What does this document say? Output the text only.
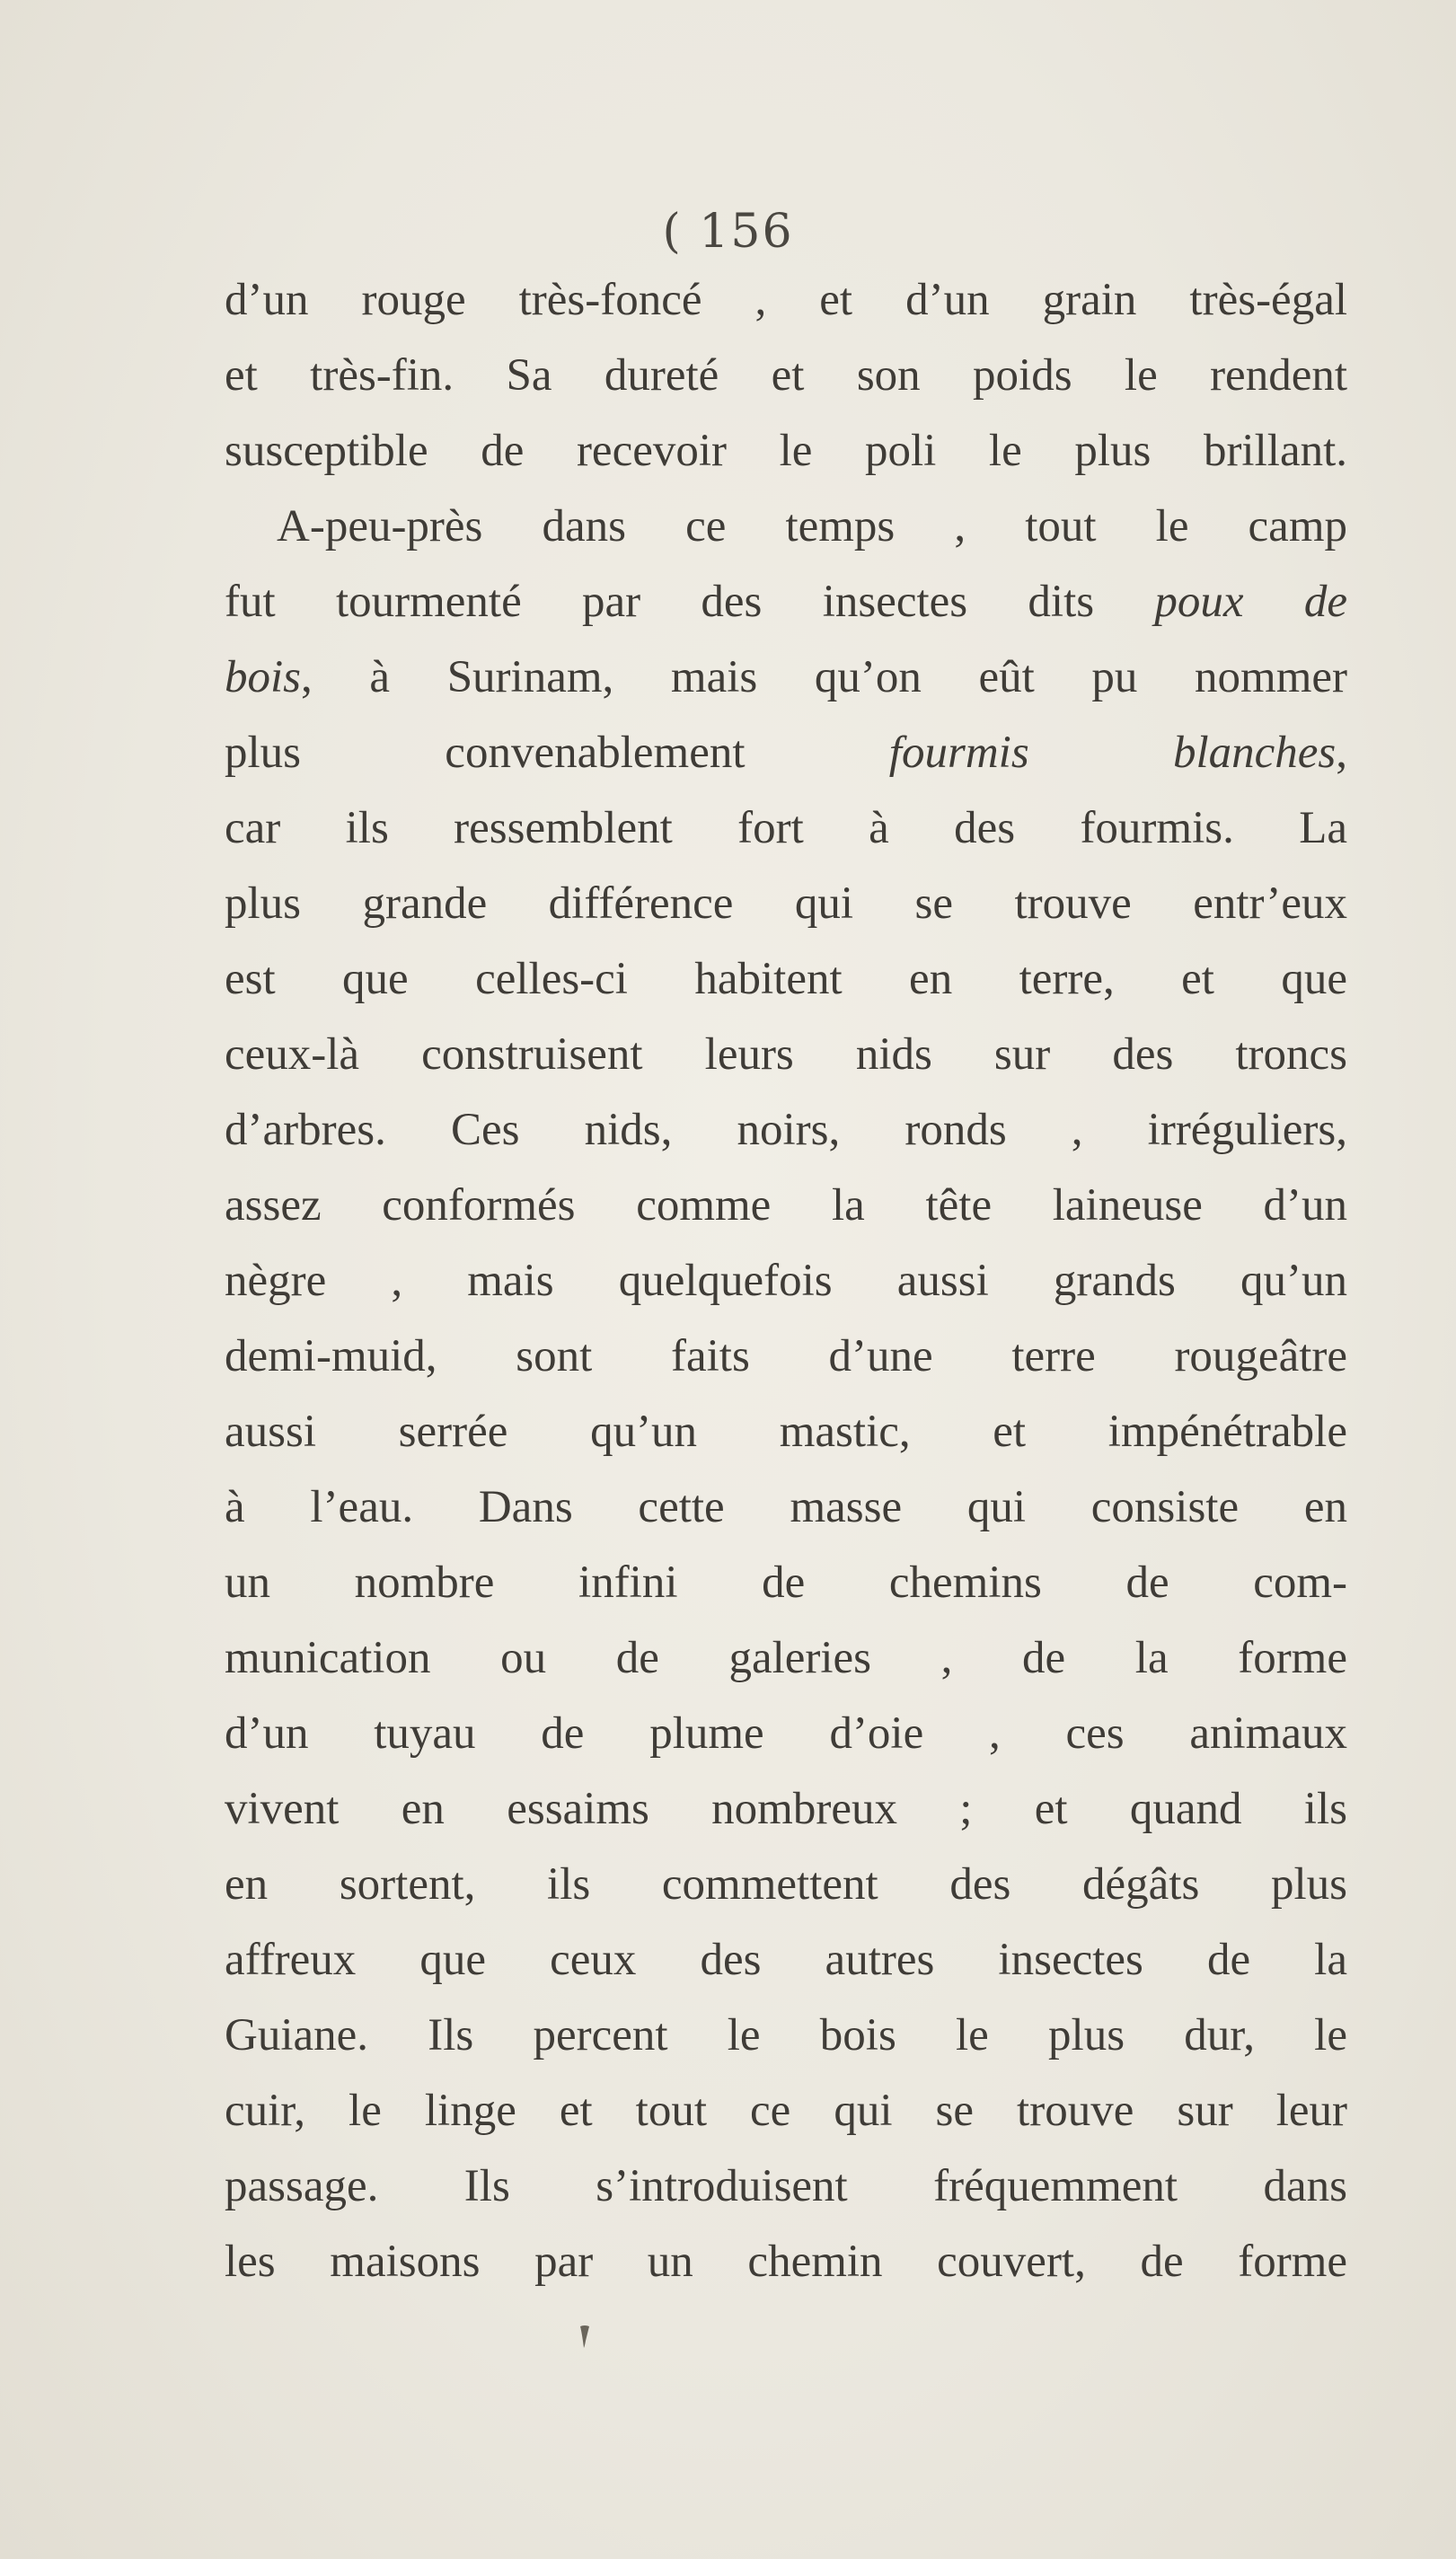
( 156

d’un rouge très-foncé , et d’un grain très-égal
et très-fin. Sa dureté et son poids le rendent
susceptible de recevoir le poli le plus brillant.
A-peu-près dans ce temps , tout le camp
fut tourmenté par des insectes dits poux de
bois, à Surinam, mais qu’on eût pu nommer
plus convenablement	fourmis blanches,
car ils ressemblent fort à des fourmis. La
plus grande différence qui se trouve entr’eux
est que celles-ci habitent en terre, et que
ceux-là construisent leurs nids sur des troncs
d’arbres. Ces nids, noirs, ronds , irréguliers,
assez conformés comme la tête laineuse d’un
nègre , mais quelquefois aussi grands qu’un
demi-muid, sont faits d’une terre rougeâtre
aussi serrée qu’un mastic, et impénétrable
à l’eau. Dans cette masse qui consiste en
un nombre infini de chemins de com-
munication ou de galeries , de la forme
d’un tuyau de plume d’oie , ces animaux
vivent en essaims nombreux ; et quand ils
en sortent, ils commettent des dégâts plus
affreux que ceux des autres insectes de la
Guiane. Ils percent le bois le plus dur, le
cuir, le linge et tout ce qui se trouve sur leur
passage. Ils s’introduisent fréquemment dans
les maisons par un chemin couvert, de forme
